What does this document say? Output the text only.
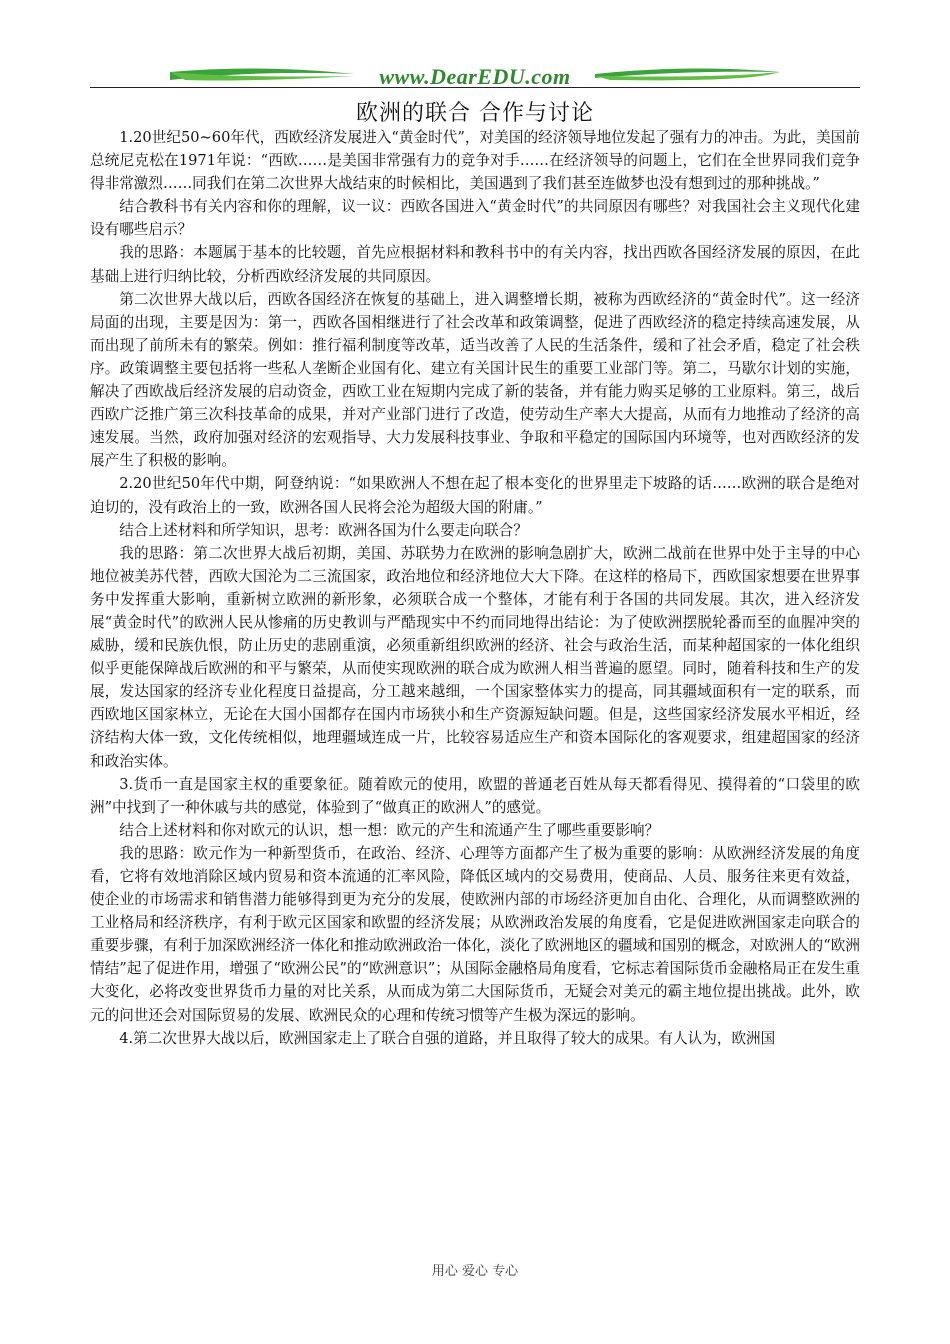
www.DearEDU.com
欧洲的联合 合作与讨论

1.20世纪50~60年代，西欧经济发展进入“黄金时代”，对美国的经济领导地位发起了强有力的冲击。为此，美国前总统尼克松在1971年说：“西欧……是美国非常强有力的竞争对手……在经济领导的问题上，它们在全世界同我们竞争得非常激烈……同我们在第二次世界大战结束的时候相比，美国遇到了我们甚至连做梦也没有想到过的那种挑战。”

结合教科书有关内容和你的理解，议一议：西欧各国进入“黄金时代”的共同原因有哪些？对我国社会主义现代化建设有哪些启示？

我的思路：本题属于基本的比较题，首先应根据材料和教科书中的有关内容，找出西欧各国经济发展的原因，在此基础上进行归纳比较，分析西欧经济发展的共同原因。

第二次世界大战以后，西欧各国经济在恢复的基础上，进入调整增长期，被称为西欧经济的“黄金时代”。这一经济局面的出现，主要是因为：第一，西欧各国相继进行了社会改革和政策调整，促进了西欧经济的稳定持续高速发展，从而出现了前所未有的繁荣。例如：推行福利制度等改革，适当改善了人民的生活条件，缓和了社会矛盾，稳定了社会秩序。政策调整主要包括将一些私人垄断企业国有化、建立有关国计民生的重要工业部门等。第二，马歇尔计划的实施，解决了西欧战后经济发展的启动资金，西欧工业在短期内完成了新的装备，并有能力购买足够的工业原料。第三，战后西欧广泛推广第三次科技革命的成果，并对产业部门进行了改造，使劳动生产率大大提高，从而有力地推动了经济的高速发展。当然，政府加强对经济的宏观指导、大力发展科技事业、争取和平稳定的国际国内环境等，也对西欧经济的发展产生了积极的影响。

2.20世纪50年代中期，阿登纳说：“如果欧洲人不想在起了根本变化的世界里走下坡路的话……欧洲的联合是绝对迫切的，没有政治上的一致，欧洲各国人民将会沦为超级大国的附庸。”

结合上述材料和所学知识，思考：欧洲各国为什么要走向联合？

我的思路：第二次世界大战后初期，美国、苏联势力在欧洲的影响急剧扩大，欧洲二战前在世界中处于主导的中心地位被美苏代替，西欧大国沦为二三流国家，政治地位和经济地位大大下降。在这样的格局下，西欧国家想要在世界事务中发挥重大影响，重新树立欧洲的新形象，必须联合成一个整体，才能有利于各国的共同发展。其次，进入经济发展“黄金时代”的欧洲人民从惨痛的历史教训与严酷现实中不约而同地得出结论：为了使欧洲摆脱轮番而至的血腥冲突的威胁，缓和民族仇恨，防止历史的悲剧重演，必须重新组织欧洲的经济、社会与政治生活，而某种超国家的一体化组织似乎更能保障战后欧洲的和平与繁荣，从而使实现欧洲的联合成为欧洲人相当普遍的愿望。同时，随着科技和生产的发展，发达国家的经济专业化程度日益提高，分工越来越细，一个国家整体实力的提高，同其疆域面积有一定的联系，而西欧地区国家林立，无论在大国小国都存在国内市场狭小和生产资源短缺问题。但是，这些国家经济发展水平相近，经济结构大体一致，文化传统相似，地理疆域连成一片，比较容易适应生产和资本国际化的客观要求，组建超国家的经济和政治实体。

3.货币一直是国家主权的重要象征。随着欧元的使用，欧盟的普通老百姓从每天都看得见、摸得着的“口袋里的欧洲”中找到了一种休戚与共的感觉，体验到了“做真正的欧洲人”的感觉。

结合上述材料和你对欧元的认识，想一想：欧元的产生和流通产生了哪些重要影响？

我的思路：欧元作为一种新型货币，在政治、经济、心理等方面都产生了极为重要的影响：从欧洲经济发展的角度看，它将有效地消除区域内贸易和资本流通的汇率风险，降低区域内的交易费用，使商品、人员、服务往来更有效益，使企业的市场需求和销售潜力能够得到更为充分的发展，使欧洲内部的市场经济更加自由化、合理化，从而调整欧洲的工业格局和经济秩序，有利于欧元区国家和欧盟的经济发展；从欧洲政治发展的角度看，它是促进欧洲国家走向联合的重要步骤，有利于加深欧洲经济一体化和推动欧洲政治一体化，淡化了欧洲地区的疆域和国别的概念，对欧洲人的“欧洲情结”起了促进作用，增强了“欧洲公民”的“欧洲意识”；从国际金融格局角度看，它标志着国际货币金融格局正在发生重大变化，必将改变世界货币力量的对比关系，从而成为第二大国际货币，无疑会对美元的霸主地位提出挑战。此外，欧元的问世还会对国际贸易的发展、欧洲民众的心理和传统习惯等产生极为深远的影响。

4.第二次世界大战以后，欧洲国家走上了联合自强的道路，并且取得了较大的成果。有人认为，欧洲国

用心 爱心 专心
